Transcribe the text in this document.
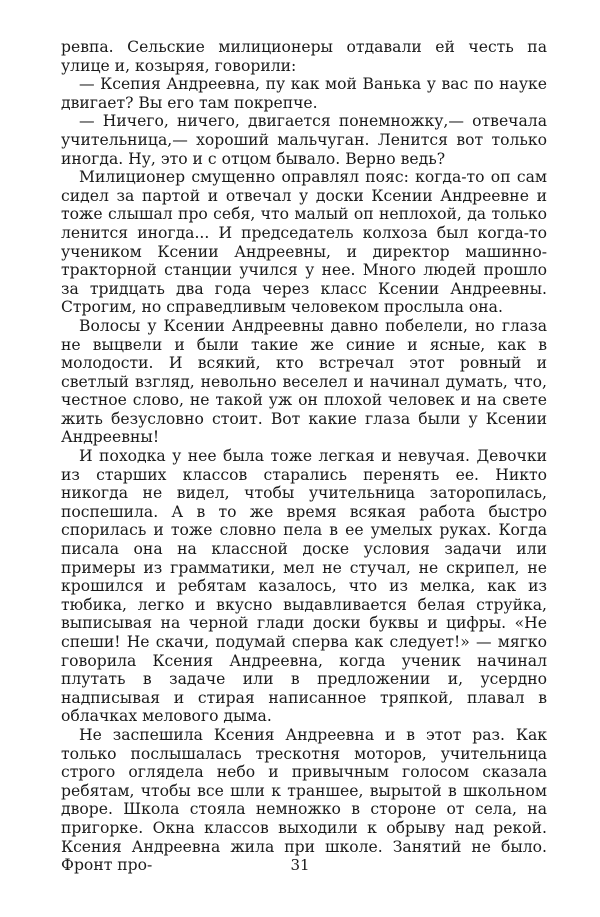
ревпа. Сельские милиционеры отдавали ей честь па улице и, козыряя, говорили:

— Ксепия Андреевна, пу как мой Ванька у вас по науке двигает? Вы его там покрепче.

— Ничего, ничего, двигается понемножку,— отвечала учительница,— хороший мальчуган. Ленится вот только иногда. Ну, это и с отцом бывало. Верно ведь?

Милиционер смущенно оправлял пояс: когда-то оп сам сидел за партой и отвечал у доски Ксении Андреевне и тоже слышал про себя, что малый оп неплохой, да только ленится иногда... И председатель колхоза был когда-то учеником Ксении Андреевны, и директор машинно-тракторной станции учился у нее. Много людей прошло за тридцать два года через класс Ксении Андреевны. Строгим, но справедливым человеком прослыла она.

Волосы у Ксении Андреевны давно побелели, но глаза не выцвели и были такие же синие и ясные, как в молодости. И всякий, кто встречал этот ровный и светлый взгляд, невольно веселел и начинал думать, что, честное слово, не такой уж он плохой человек и на свете жить безусловно стоит. Вот какие глаза были у Ксении Андреевны!

И походка у нее была тоже легкая и невучая. Девочки из старших классов старались перенять ее. Никто никогда не видел, чтобы учительница заторопилась, поспешила. А в то же время всякая работа быстро спорилась и тоже словно пела в ее умелых руках. Когда писала она на классной доске условия задачи или примеры из грамматики, мел не стучал, не скрипел, не крошился и ребятам казалось, что из мелка, как из тюбика, легко и вкусно выдавливается белая струйка, выписывая на черной глади доски буквы и цифры. «Не спеши! Не скачи, подумай сперва как следует!» — мягко говорила Ксения Андреевна, когда ученик начинал плутать в задаче или в предложении и, усердно надписывая и стирая написанное тряпкой, плавал в облачках мелового дыма.

Не заспешила Ксения Андреевна и в этот раз. Как только послышалась трескотня моторов, учительница строго оглядела небо и привычным голосом сказала ребятам, чтобы все шли к траншее, вырытой в школьном дворе. Школа стояла немножко в стороне от села, на пригорке. Окна классов выходили к обрыву над рекой. Ксения Андреевна жила при школе. Занятий не было. Фронт про-	31
